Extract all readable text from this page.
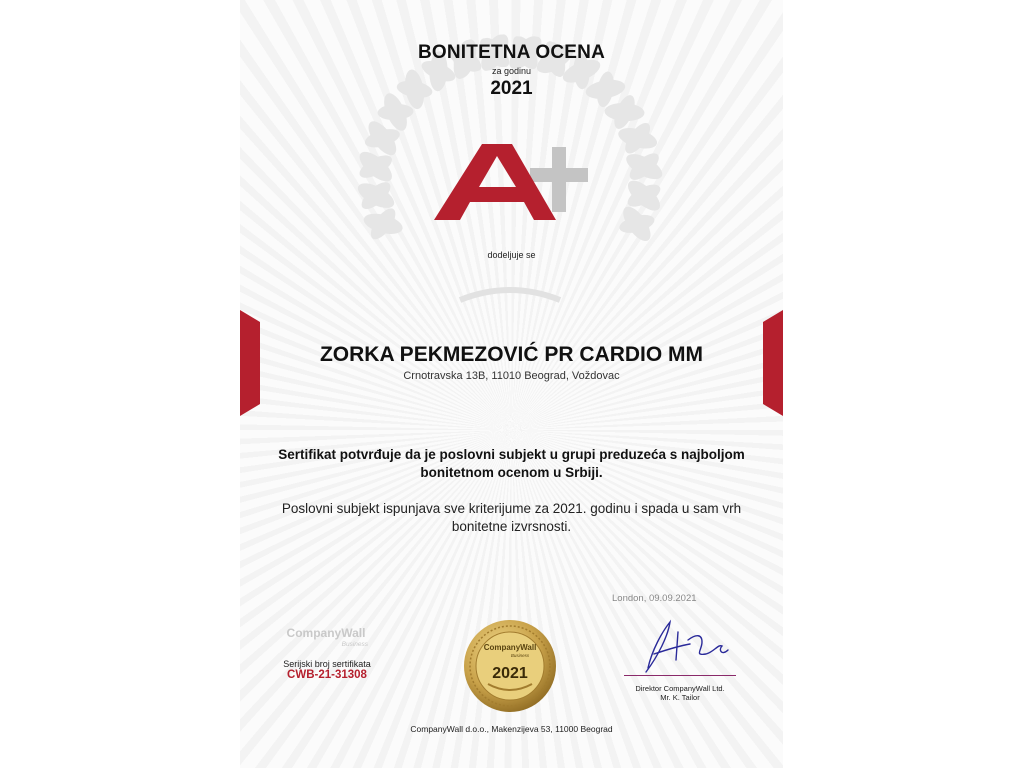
BONITETNA OCENA
za godinu
2021
dodeljuje se
ZORKA PEKMEZOVIĆ PR CARDIO MM
Crnotravska 13B, 11010 Beograd, Voždovac
Sertifikat potvrđuje da je poslovni subjekt u grupi preduzeća s najboljom bonitetnom ocenom u Srbiji.
Poslovni subjekt ispunjava sve kriterijume za 2021. godinu i spada u sam vrh bonitetne izvrsnosti.
London, 09.09.2021
CompanyWall
Business
Serijski broj sertifikata
CWB-21-31308
CompanyWall
Business
2021
Direktor CompanyWall Ltd.
Mr. K. Tailor
CompanyWall d.o.o., Makenzijeva 53, 11000 Beograd
